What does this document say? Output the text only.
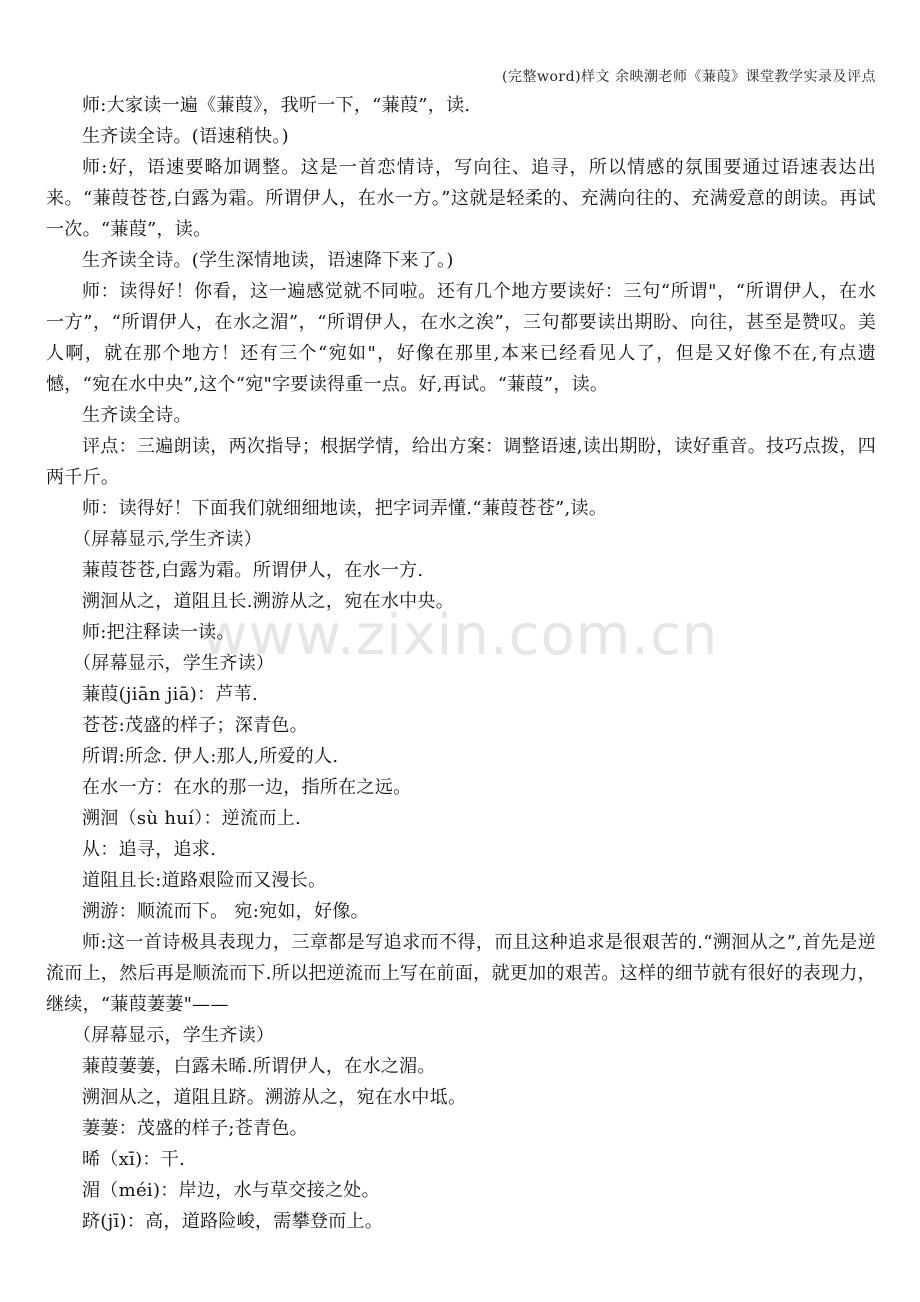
(完整word)样文 余映潮老师《蒹葭》课堂教学实录及评点
www.zixin.com.cn

师:大家读一遍《蒹葭》，我听一下，“蒹葭”，读.

生齐读全诗。(语速稍快。)

师:好，语速要略加调整。这是一首恋情诗，写向往、追寻，所以情感的氛围要通过语速表达出来。“蒹葭苍苍,白露为霜。所谓伊人，在水一方。”这就是轻柔的、充满向往的、充满爱意的朗读。再试一次。“蒹葭”，读。

生齐读全诗。(学生深情地读，语速降下来了。)

师：读得好！你看，这一遍感觉就不同啦。还有几个地方要读好：三句“所谓"，“所谓伊人，在水一方”，“所谓伊人，在水之湄”，“所谓伊人，在水之涘”，三句都要读出期盼、向往，甚至是赞叹。美人啊，就在那个地方！还有三个“宛如"，好像在那里,本来已经看见人了，但是又好像不在,有点遗憾，“宛在水中央”,这个“宛"字要读得重一点。好,再试。“蒹葭”，读。

生齐读全诗。

评点：三遍朗读，两次指导；根据学情，给出方案：调整语速,读出期盼，读好重音。技巧点拨，四两千斤。

师：读得好！下面我们就细细地读，把字词弄懂.“蒹葭苍苍”,读。

（屏幕显示,学生齐读）

蒹葭苍苍,白露为霜。所谓伊人，在水一方.

溯洄从之，道阻且长.溯游从之，宛在水中央。

师:把注释读一读。

（屏幕显示，学生齐读）

蒹葭(jiān jiā)：芦苇.

苍苍:茂盛的样子；深青色。

所谓:所念. 伊人:那人,所爱的人.

在水一方：在水的那一边，指所在之远。

溯洄（sù huí）：逆流而上.

从：追寻，追求.

道阻且长:道路艰险而又漫长。

溯游：顺流而下。 宛:宛如，好像。

师:这一首诗极具表现力，三章都是写追求而不得，而且这种追求是很艰苦的.“溯洄从之”,首先是逆流而上，然后再是顺流而下.所以把逆流而上写在前面，就更加的艰苦。这样的细节就有很好的表现力，继续，“蒹葭萋萋"——

（屏幕显示，学生齐读）

蒹葭萋萋，白露未晞.所谓伊人，在水之湄。

溯洄从之，道阻且跻。溯游从之，宛在水中坻。

萋萋：茂盛的样子;苍青色。

晞（xī)：干.

湄（méi)：岸边，水与草交接之处。

跻(jī)：高，道路险峻，需攀登而上。
